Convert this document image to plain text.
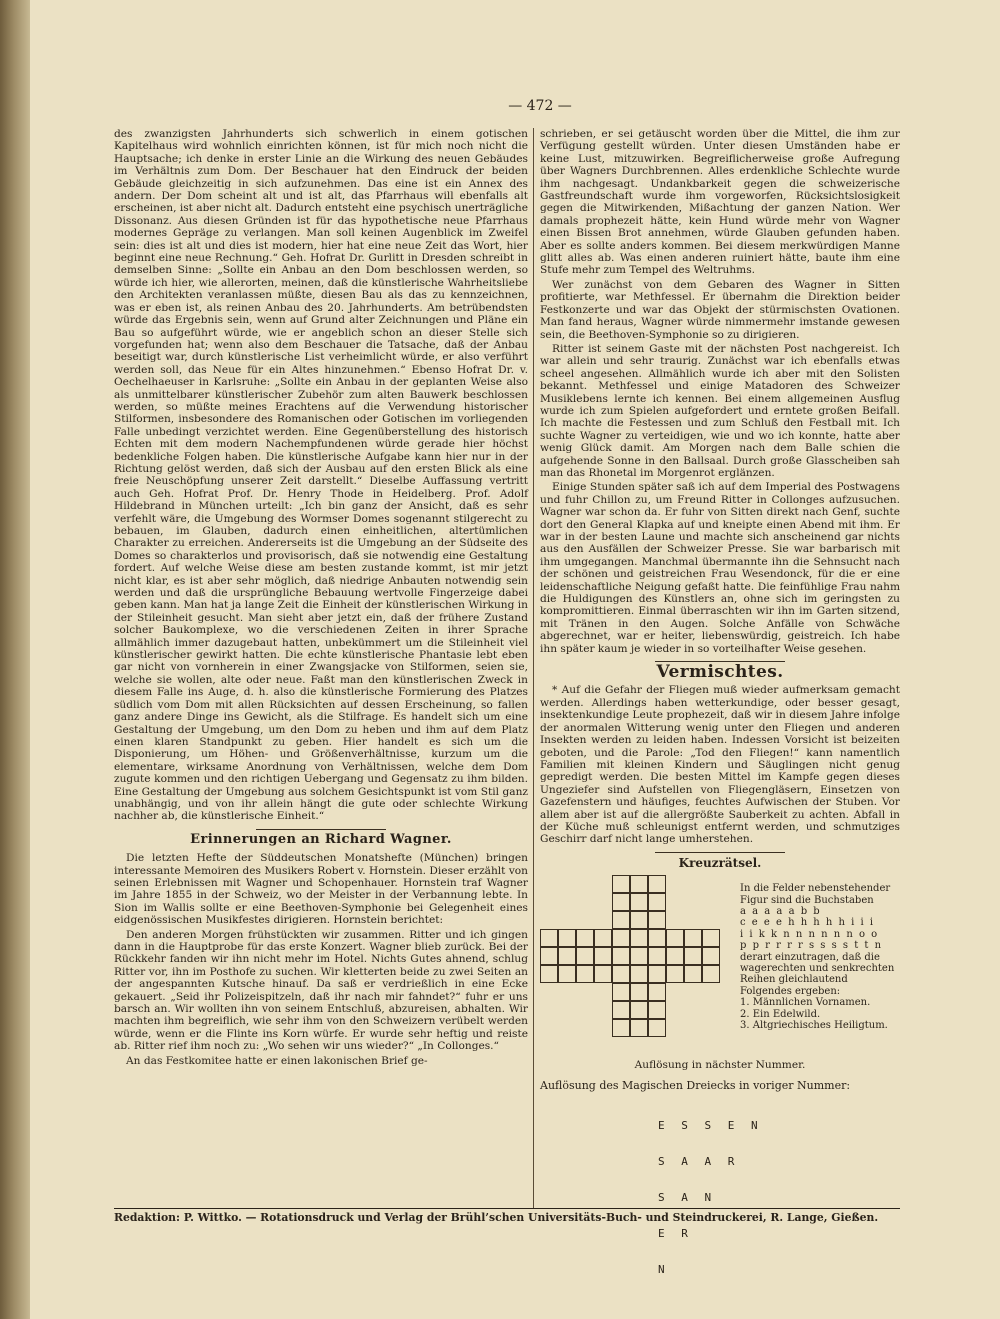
— 472 —

des zwanzigsten Jahrhunderts sich schwerlich in einem gotischen Kapitelhaus wird wohnlich einrichten können, ist für mich noch nicht die Hauptsache; ich denke in erster Linie an die Wirkung des neuen Gebäudes im Verhältnis zum Dom. Der Beschauer hat den Eindruck der beiden Gebäude gleichzeitig in sich aufzunehmen. Das eine ist ein Annex des andern. Der Dom scheint alt und ist alt, das Pfarrhaus will ebenfalls alt erscheinen, ist aber nicht alt. Dadurch entsteht eine psychisch unerträgliche Dissonanz. Aus diesen Gründen ist für das hypothetische neue Pfarrhaus modernes Gepräge zu verlangen. Man soll keinen Augenblick im Zweifel sein: dies ist alt und dies ist modern, hier hat eine neue Zeit das Wort, hier beginnt eine neue Rechnung.“ Geh. Hofrat Dr. Gurlitt in Dresden schreibt in demselben Sinne: „Sollte ein Anbau an den Dom beschlossen werden, so würde ich hier, wie allerorten, meinen, daß die künstlerische Wahrheitsliebe den Architekten veranlassen müßte, diesen Bau als das zu kennzeichnen, was er eben ist, als reinen Anbau des 20. Jahrhunderts. Am betrübendsten würde das Ergebnis sein, wenn auf Grund alter Zeichnungen und Pläne ein Bau so aufgeführt würde, wie er angeblich schon an dieser Stelle sich vorgefunden hat; wenn also dem Beschauer die Tatsache, daß der Anbau beseitigt war, durch künstlerische List verheimlicht würde, er also verführt werden soll, das Neue für ein Altes hinzunehmen.“ Ebenso Hofrat Dr. v. Oechelhaeuser in Karlsruhe: „Sollte ein Anbau in der geplanten Weise also als unmittelbarer künstlerischer Zubehör zum alten Bauwerk beschlossen werden, so müßte meines Erachtens auf die Verwendung historischer Stilformen, insbesondere des Romanischen oder Gotischen im vorliegenden Falle unbedingt verzichtet werden. Eine Gegenüberstellung des historisch Echten mit dem modern Nachempfundenen würde gerade hier höchst bedenkliche Folgen haben. Die künstlerische Aufgabe kann hier nur in der Richtung gelöst werden, daß sich der Ausbau auf den ersten Blick als eine freie Neuschöpfung unserer Zeit darstellt.“ Dieselbe Auffassung vertritt auch Geh. Hofrat Prof. Dr. Henry Thode in Heidelberg. Prof. Adolf Hildebrand in München urteilt: „Ich bin ganz der Ansicht, daß es sehr verfehlt wäre, die Umgebung des Wormser Domes sogenannt stilgerecht zu bebauen, im Glauben, dadurch einen einheitlichen, altertümlichen Charakter zu erreichen. Andererseits ist die Umgebung an der Südseite des Domes so charakterlos und provisorisch, daß sie notwendig eine Gestaltung fordert. Auf welche Weise diese am besten zustande kommt, ist mir jetzt nicht klar, es ist aber sehr möglich, daß niedrige Anbauten notwendig sein werden und daß die ursprüngliche Bebauung wertvolle Fingerzeige dabei geben kann. Man hat ja lange Zeit die Einheit der künstlerischen Wirkung in der Stileinheit gesucht. Man sieht aber jetzt ein, daß der frühere Zustand solcher Baukomplexe, wo die verschiedenen Zeiten in ihrer Sprache allmählich immer dazugebaut hatten, unbekümmert um die Stileinheit viel künstlerischer gewirkt hatten. Die echte künstlerische Phantasie lebt eben gar nicht von vornherein in einer Zwangsjacke von Stilformen, seien sie, welche sie wollen, alte oder neue. Faßt man den künstlerischen Zweck in diesem Falle ins Auge, d. h. also die künstlerische Formierung des Platzes südlich vom Dom mit allen Rücksichten auf dessen Erscheinung, so fallen ganz andere Dinge ins Gewicht, als die Stilfrage. Es handelt sich um eine Gestaltung der Umgebung, um den Dom zu heben und ihm auf dem Platz einen klaren Standpunkt zu geben. Hier handelt es sich um die Disponierung, um Höhen- und Größenverhältnisse, kurzum um die elementare, wirksame Anordnung von Verhältnissen, welche dem Dom zugute kommen und den richtigen Uebergang und Gegensatz zu ihm bilden. Eine Gestaltung der Umgebung aus solchem Gesichtspunkt ist vom Stil ganz unabhängig, und von ihr allein hängt die gute oder schlechte Wirkung nachher ab, die künstlerische Einheit.“

Erinnerungen an Richard Wagner.

Die letzten Hefte der Süddeutschen Monatshefte (München) bringen interessante Memoiren des Musikers Robert v. Hornstein. Dieser erzählt von seinen Erlebnissen mit Wagner und Schopenhauer. Hornstein traf Wagner im Jahre 1855 in der Schweiz, wo der Meister in der Verbannung lebte. In Sion im Wallis sollte er eine Beethoven-Symphonie bei Gelegenheit eines eidgenössischen Musikfestes dirigieren. Hornstein berichtet:

Den anderen Morgen frühstückten wir zusammen. Ritter und ich gingen dann in die Hauptprobe für das erste Konzert. Wagner blieb zurück. Bei der Rückkehr fanden wir ihn nicht mehr im Hotel. Nichts Gutes ahnend, schlug Ritter vor, ihn im Posthofe zu suchen. Wir kletterten beide zu zwei Seiten an der angespannten Kutsche hinauf. Da saß er verdrießlich in eine Ecke gekauert. „Seid ihr Polizeispitzeln, daß ihr nach mir fahndet?“ fuhr er uns barsch an. Wir wollten ihn von seinem Entschluß, abzureisen, abhalten. Wir machten ihm begreiflich, wie sehr ihm von den Schweizern verübelt werden würde, wenn er die Flinte ins Korn würfe. Er wurde sehr heftig und reiste ab. Ritter rief ihm noch zu: „Wo sehen wir uns wieder?“ „In Collonges.“

An das Festkomitee hatte er einen lakonischen Brief ge-

schrieben, er sei getäuscht worden über die Mittel, die ihm zur Verfügung gestellt würden. Unter diesen Umständen habe er keine Lust, mitzuwirken. Begreiflicherweise große Aufregung über Wagners Durchbrennen. Alles erdenkliche Schlechte wurde ihm nachgesagt. Undankbarkeit gegen die schweizerische Gastfreundschaft wurde ihm vorgeworfen, Rücksichtslosigkeit gegen die Mitwirkenden, Mißachtung der ganzen Nation. Wer damals prophezeit hätte, kein Hund würde mehr von Wagner einen Bissen Brot annehmen, würde Glauben gefunden haben. Aber es sollte anders kommen. Bei diesem merkwürdigen Manne glitt alles ab. Was einen anderen ruiniert hätte, baute ihm eine Stufe mehr zum Tempel des Weltruhms.

Wer zunächst von dem Gebaren des Wagner in Sitten profitierte, war Methfessel. Er übernahm die Direktion beider Festkonzerte und war das Objekt der stürmischsten Ovationen. Man fand heraus, Wagner würde nimmermehr imstande gewesen sein, die Beethoven-Symphonie so zu dirigieren.

Ritter ist seinem Gaste mit der nächsten Post nachgereist. Ich war allein und sehr traurig. Zunächst war ich ebenfalls etwas scheel angesehen. Allmählich wurde ich aber mit den Solisten bekannt. Methfessel und einige Matadoren des Schweizer Musiklebens lernte ich kennen. Bei einem allgemeinen Ausflug wurde ich zum Spielen aufgefordert und erntete großen Beifall. Ich machte die Festessen und zum Schluß den Festball mit. Ich suchte Wagner zu verteidigen, wie und wo ich konnte, hatte aber wenig Glück damit. Am Morgen nach dem Balle schien die aufgehende Sonne in den Ballsaal. Durch große Glasscheiben sah man das Rhonetal im Morgenrot erglänzen.

Einige Stunden später saß ich auf dem Imperial des Postwagens und fuhr Chillon zu, um Freund Ritter in Collonges aufzusuchen. Wagner war schon da. Er fuhr von Sitten direkt nach Genf, suchte dort den General Klapka auf und kneipte einen Abend mit ihm. Er war in der besten Laune und machte sich anscheinend gar nichts aus den Ausfällen der Schweizer Presse. Sie war barbarisch mit ihm umgegangen. Manchmal übermannte ihn die Sehnsucht nach der schönen und geistreichen Frau Wesendonck, für die er eine leidenschaftliche Neigung gefaßt hatte. Die feinfühlige Frau nahm die Huldigungen des Künstlers an, ohne sich im geringsten zu kompromittieren. Einmal überraschten wir ihn im Garten sitzend, mit Tränen in den Augen. Solche Anfälle von Schwäche abgerechnet, war er heiter, liebenswürdig, geistreich. Ich habe ihn später kaum je wieder in so vorteilhafter Weise gesehen.

Vermischtes.

* Auf die Gefahr der Fliegen muß wieder aufmerksam gemacht werden. Allerdings haben wetterkundige, oder besser gesagt, insektenkundige Leute prophezeit, daß wir in diesem Jahre infolge der anormalen Witterung wenig unter den Fliegen und anderen Insekten werden zu leiden haben. Indessen Vorsicht ist beizeiten geboten, und die Parole: „Tod den Fliegen!“ kann namentlich Familien mit kleinen Kindern und Säuglingen nicht genug gepredigt werden. Die besten Mittel im Kampfe gegen dieses Ungeziefer sind Aufstellen von Fliegengläsern, Einsetzen von Gazefenstern und häufiges, feuchtes Aufwischen der Stuben. Vor allem aber ist auf die allergrößte Sauberkeit zu achten. Abfall in der Küche muß schleunigst entfernt werden, und schmutziges Geschirr darf nicht lange umherstehen.

Kreuzrätsel.
In die Felder nebenstehender Figur sind die Buchstaben
a a a a a b b
c e e e h h h h h i i i
i i k k n n n n n n o o
p p r r r r s s s s t t n
derart einzutragen, daß die wagerechten und senkrechten Reihen gleichlautend Folgendes ergeben:
1. Männlichen Vornamen.
2. Ein Edelwild.
3. Altgriechisches Heiligtum.
Auflösung in nächster Nummer.
Auflösung des Magischen Dreiecks in voriger Nummer:

E S S E N

S A A R

S A N

E R

N

Redaktion: P. Wittko. — Rotationsdruck und Verlag der Brühl’schen Universitäts-Buch- und Steindruckerei, R. Lange, Gießen.
